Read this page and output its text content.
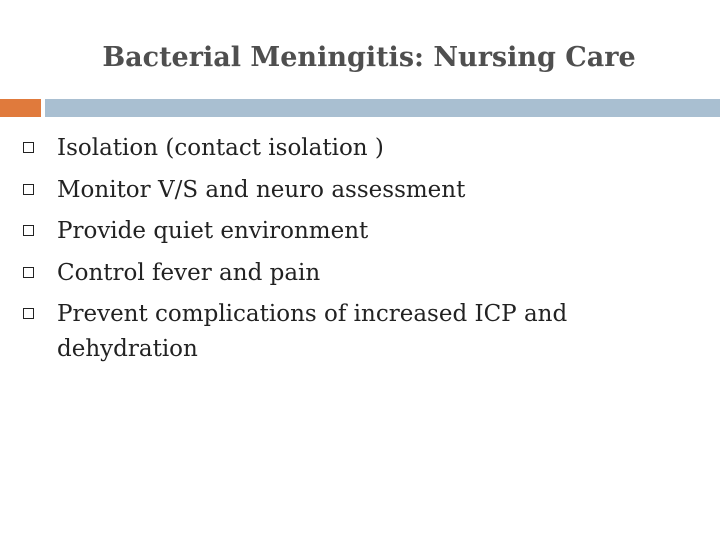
Bacterial Meningitis: Nursing Care
Isolation (contact isolation )
Monitor V/S and neuro assessment
Provide quiet environment
Control fever and pain
Prevent complications of increased ICP and
dehydration
